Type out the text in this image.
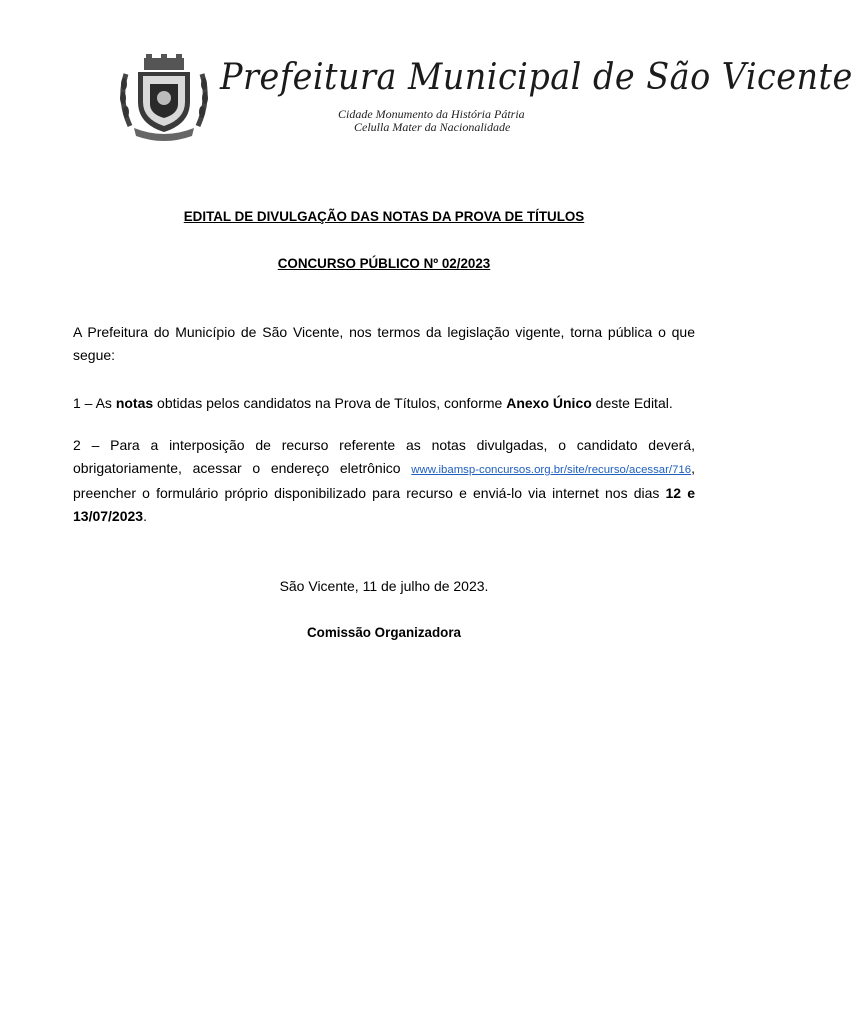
Prefeitura Municipal de São Vicente
Cidade Monumento da História Pátria
Celulla Mater da Nacionalidade
EDITAL DE DIVULGAÇÃO DAS NOTAS DA PROVA DE TÍTULOS
CONCURSO PÚBLICO Nº 02/2023
A Prefeitura do Município de São Vicente, nos termos da legislação vigente, torna pública o que segue:
1 – As notas obtidas pelos candidatos na Prova de Títulos, conforme Anexo Único deste Edital.
2 – Para a interposição de recurso referente as notas divulgadas, o candidato deverá, obrigatoriamente, acessar o endereço eletrônico www.ibamsp-concursos.org.br/site/recurso/acessar/716, preencher o formulário próprio disponibilizado para recurso e enviá-lo via internet nos dias 12 e 13/07/2023.
São Vicente, 11 de julho de 2023.
Comissão Organizadora
